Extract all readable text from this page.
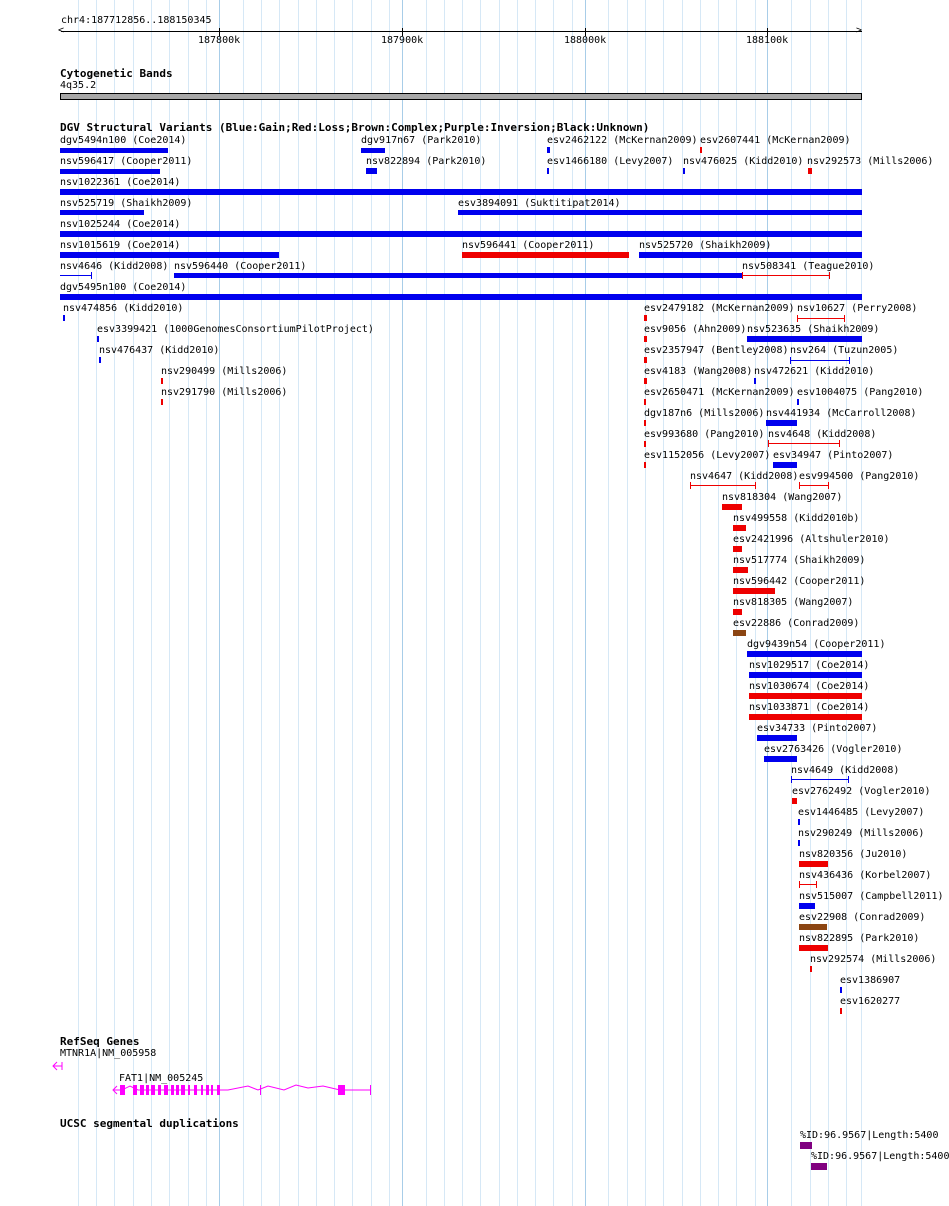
chr4:187712856..188150345
<	>
187800k	187900k	188000k	188100k
Cytogenetic Bands
4q35.2
DGV Structural Variants (Blue:Gain;Red:Loss;Brown:Complex;Purple:Inversion;Black:Unknown)
dgv5494n100 (Coe2014)	dgv917n67 (Park2010)	esv2462122 (McKernan2009) esv2607441 (McKernan2009)
nsv596417 (Cooper2011)	nsv822894 (Park2010)	esv1466180 (Levy2007) nsv476025 (Kidd2010) nsv292573 (Mills2006)
nsv1022361 (Coe2014)
nsv525719 (Shaikh2009)	esv3894091 (Suktitipat2014)
nsv1025244 (Coe2014)
nsv1015619 (Coe2014)	nsv596441 (Cooper2011)	nsv525720 (Shaikh2009)
nsv4646 (Kidd2008) nsv596440 (Cooper2011)	nsv508341 (Teague2010)
dgv5495n100 (Coe2014)
nsv474856 (Kidd2010)	esv2479182 (McKernan2009) nsv10627 (Perry2008)
esv3399421 (1000GenomesConsortiumPilotProject)	esv9056 (Ahn2009) nsv523635 (Shaikh2009)
nsv476437 (Kidd2010)	esv2357947 (Bentley2008) nsv264 (Tuzun2005)
nsv290499 (Mills2006)	esv4183 (Wang2008) nsv472621 (Kidd2010)
nsv291790 (Mills2006)	esv2650471 (McKernan2009) esv1004075 (Pang2010)
dgv187n6 (Mills2006) nsv441934 (McCarroll2008)
esv993680 (Pang2010) nsv4648 (Kidd2008)
esv1152056 (Levy2007) esv34947 (Pinto2007)
nsv4647 (Kidd2008) esv994500 (Pang2010)
nsv818304 (Wang2007)
nsv499558 (Kidd2010b)
esv2421996 (Altshuler2010)
nsv517774 (Shaikh2009)
nsv596442 (Cooper2011)
nsv818305 (Wang2007)
esv22886 (Conrad2009)
dgv9439n54 (Cooper2011)
nsv1029517 (Coe2014)
nsv1030674 (Coe2014)
nsv1033871 (Coe2014)
esv34733 (Pinto2007)
esv2763426 (Vogler2010)
nsv4649 (Kidd2008)
esv2762492 (Vogler2010)
esv1446485 (Levy2007)
nsv290249 (Mills2006)
nsv820356 (Ju2010)
nsv436436 (Korbel2007)
nsv515007 (Campbell2011)
esv22908 (Conrad2009)
nsv822895 (Park2010)
nsv292574 (Mills2006)
esv1386907
esv1620277
RefSeq Genes
MTNR1A|NM_005958
FAT1|NM_005245
UCSC segmental duplications
%ID:96.9567|Length:5400
%ID:96.9567|Length:5400
